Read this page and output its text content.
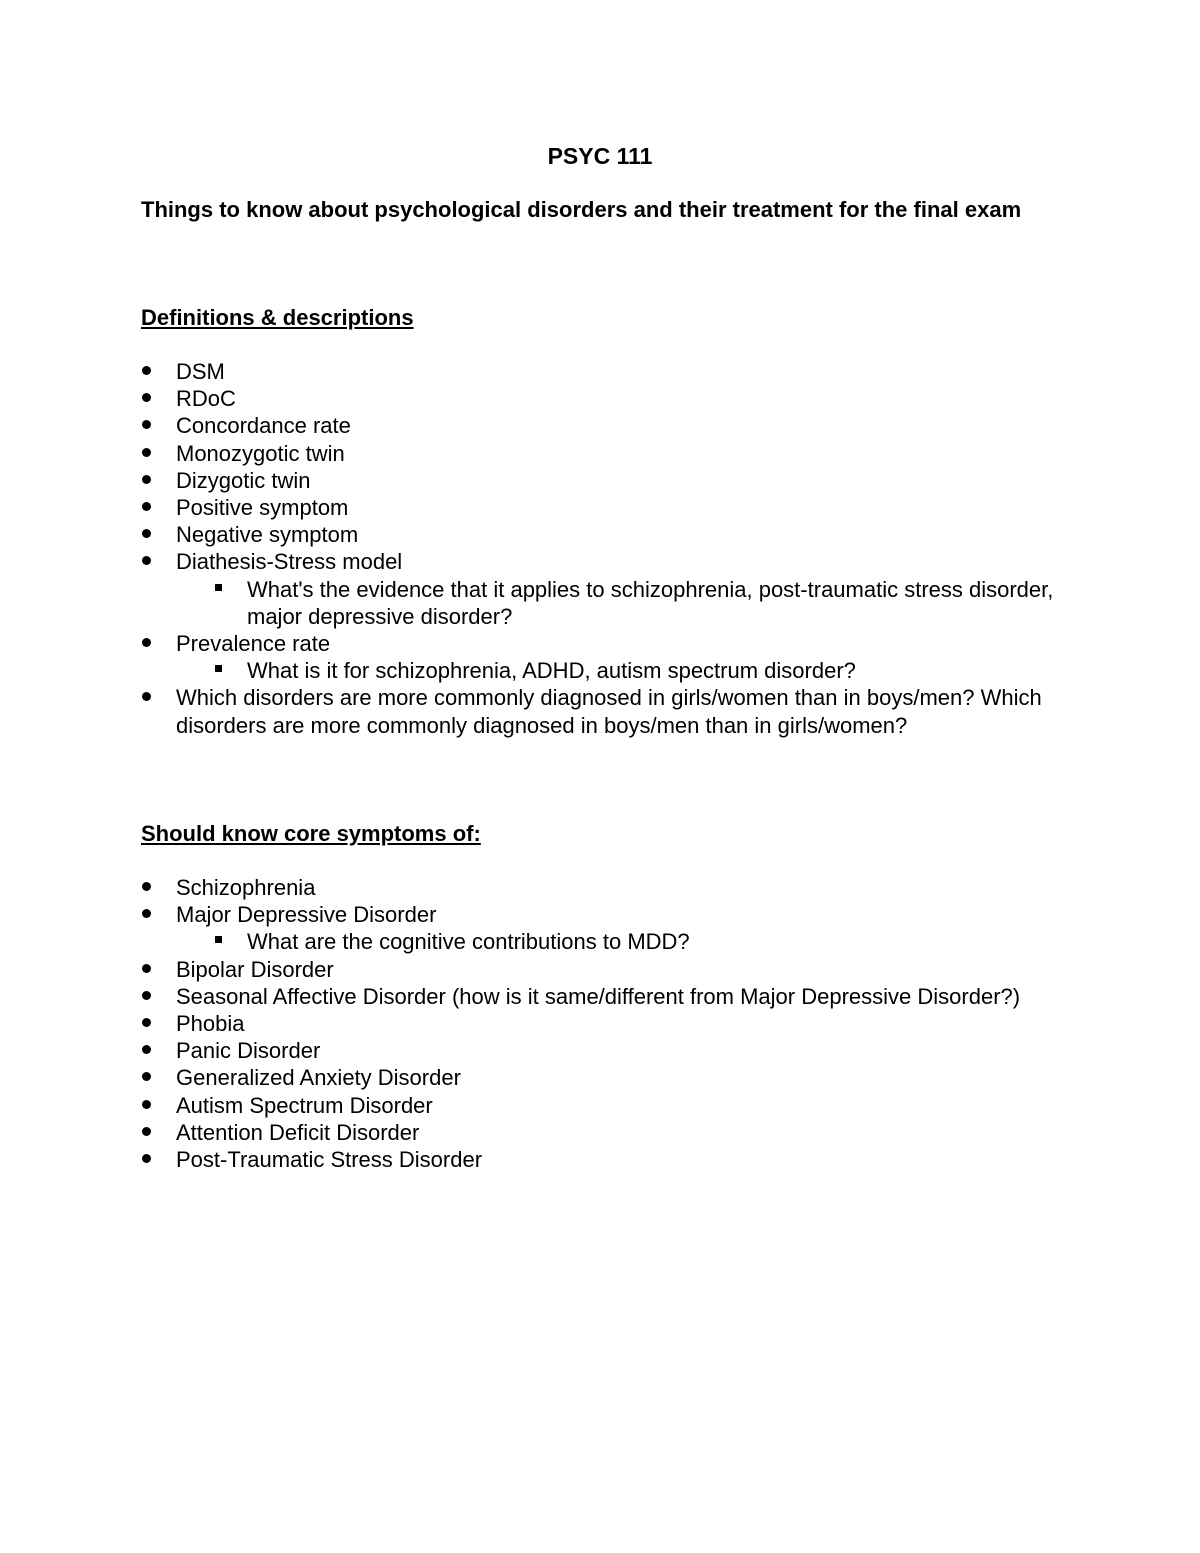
PSYC 111
Things to know about psychological disorders and their treatment for the final exam
Definitions & descriptions
DSM
RDoC
Concordance rate
Monozygotic twin
Dizygotic twin
Positive symptom
Negative symptom
Diathesis-Stress model
What's the evidence that it applies to schizophrenia, post-traumatic stress disorder, major depressive disorder?
Prevalence rate
What is it for schizophrenia, ADHD, autism spectrum disorder?
Which disorders are more commonly diagnosed in girls/women than in boys/men? Which disorders are more commonly diagnosed in boys/men than in girls/women?
Should know core symptoms of:
Schizophrenia
Major Depressive Disorder
What are the cognitive contributions to MDD?
Bipolar Disorder
Seasonal Affective Disorder (how is it same/different from Major Depressive Disorder?)
Phobia
Panic Disorder
Generalized Anxiety Disorder
Autism Spectrum Disorder
Attention Deficit Disorder
Post-Traumatic Stress Disorder
